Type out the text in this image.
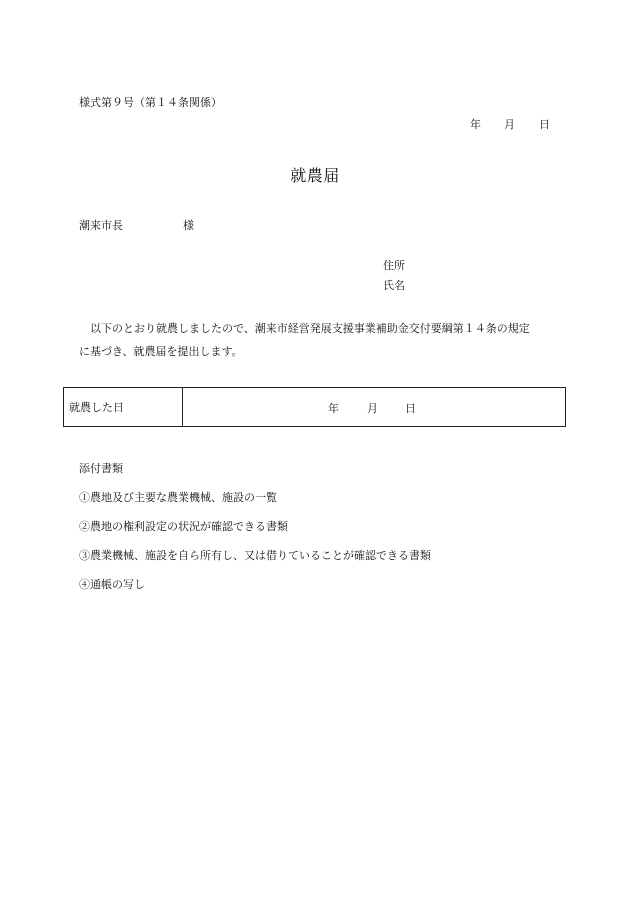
様式第９号（第１４条関係）
年 月 日
就農届
潮来市長	様
住所
氏名
以下のとおり就農しましたので、潮来市経営発展支援事業補助金交付要綱第１４条の規定
に基づき、就農届を提出します。
就農した日	年	月 日
添付書類
①農地及び主要な農業機械、施設の一覧
②農地の権利設定の状況が確認できる書類
③農業機械、施設を自ら所有し、又は借りていることが確認できる書類
④通帳の写し
